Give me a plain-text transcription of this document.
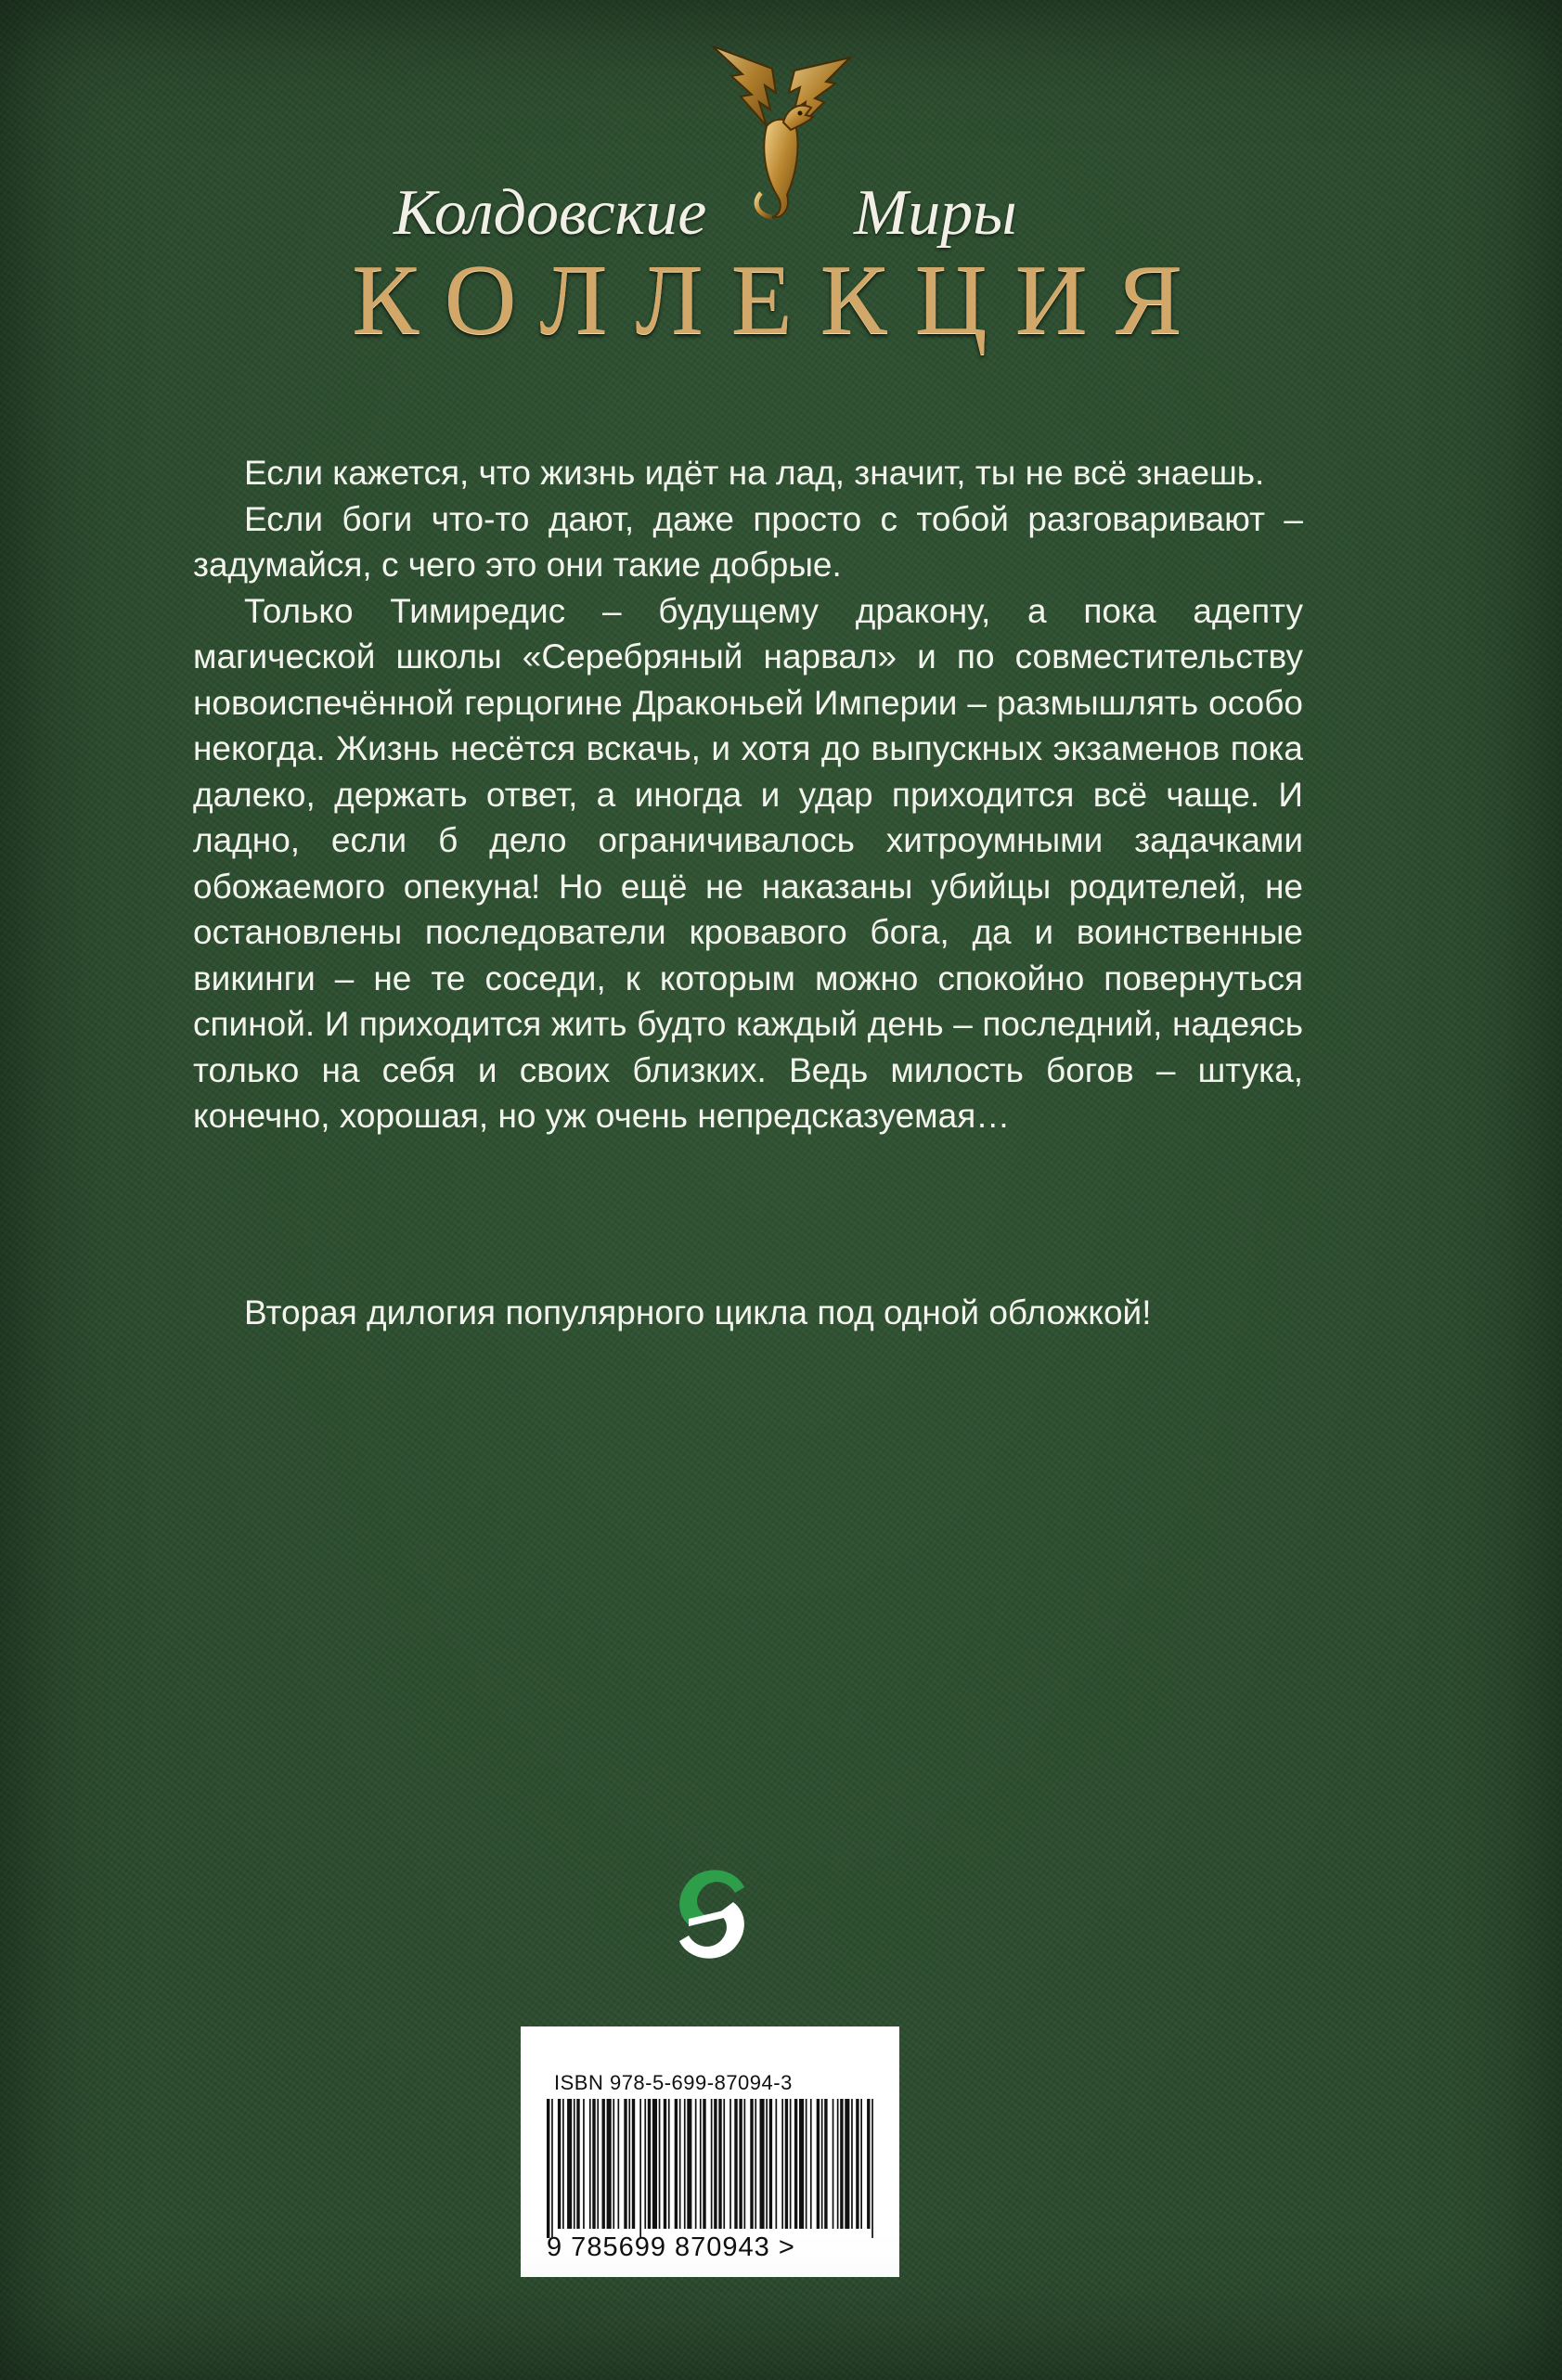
Колдовские Миры
КОЛЛЕКЦИЯ

Если кажется, что жизнь идёт на лад, значит, ты не всё знаешь.

Если боги что-то дают, даже просто с тобой разговаривают – задумайся, с чего это они такие добрые.

Только Тимиредис – будущему дракону, а пока адепту магической школы «Серебряный нарвал» и по совместительству новоиспечённой герцогине Драконьей Империи – размышлять особо некогда. Жизнь несётся вскачь, и хотя до выпускных экзаменов пока далеко, держать ответ, а иногда и удар приходится всё чаще. И ладно, если б дело ограничивалось хитроумными задачками обожаемого опекуна! Но ещё не наказаны убийцы родителей, не остановлены последователи кровавого бога, да и воинственные викинги – не те соседи, к которым можно спокойно повернуться спиной. И приходится жить будто каждый день – последний, надеясь только на себя и своих близких. Ведь милость богов – штука, конечно, хорошая, но уж очень непредсказуемая…

Вторая дилогия популярного цикла под одной обложкой!
ISBN 978-5-699-87094-3
9 785699 870943 >
